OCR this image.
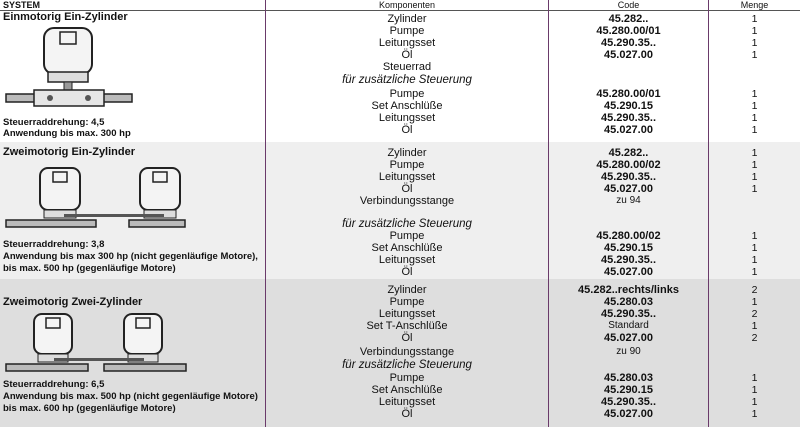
SYSTEM	Komponenten	Code	Menge
Einmotorig Ein-Zylinder
Steuerraddrehung: 4,5
Anwendung bis max. 300 hp
Zweimotorig Ein-Zylinder
Steuerraddrehung: 3,8
Anwendung bis max 300 hp (nicht gegenläufige Motore),
bis max. 500 hp (gegenläufige Motore)
Zweimotorig Zwei-Zylinder
Steuerraddrehung: 6,5
Anwendung bis max. 500 hp (nicht gegenläufige Motore)
bis max. 600 hp (gegenläufige Motore)
Zylinder	45.282..	1
Pumpe	45.280.00/01	1
Leitungsset	45.290.35..	1
Öl	45.027.00	1
Steuerrad
für zusätzliche Steuerung
Pumpe	45.280.00/01	1
Set Anschlüße	45.290.15	1
Leitungsset	45.290.35..	1
Öl	45.027.00	1
Zylinder	45.282..	1
Pumpe	45.280.00/02	1
Leitungsset	45.290.35..	1
Öl	45.027.00	1
Verbindungsstange	zu 94
für zusätzliche Steuerung
Pumpe	45.280.00/02	1
Set Anschlüße	45.290.15	1
Leitungsset	45.290.35..	1
Öl	45.027.00	1
Zylinder	45.282..rechts/links	2
Pumpe	45.280.03	1
Leitungsset	45.290.35..	2
Set T-Anschlüße	Standard	1
Öl	45.027.00	2
Verbindungsstange	zu 90
für zusätzliche Steuerung
Pumpe	45.280.03	1
Set Anschlüße	45.290.15	1
Leitungsset	45.290.35..	1
Öl	45.027.00	1
